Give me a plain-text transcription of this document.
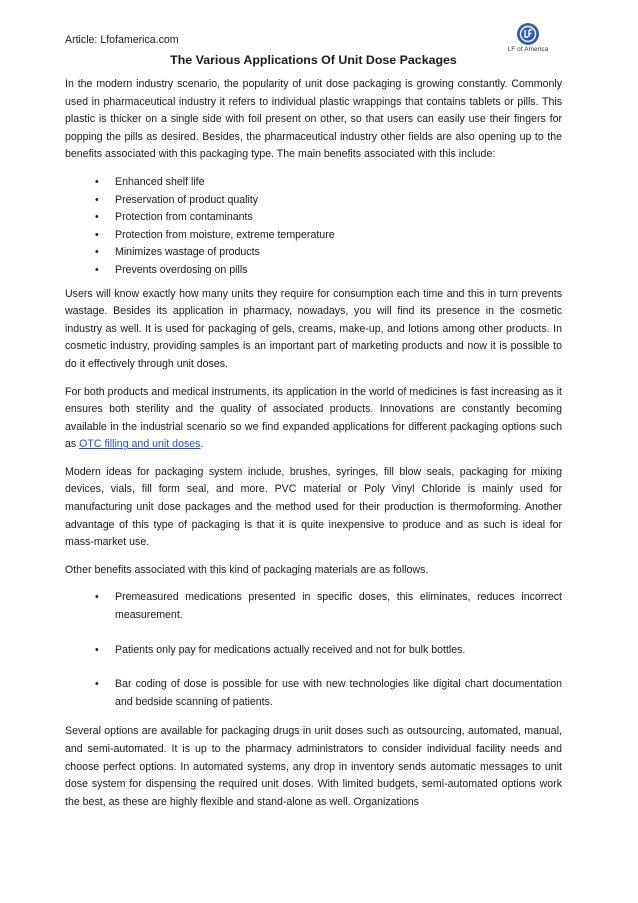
LF of America
Article: Lfofamerica.com
The Various Applications Of Unit Dose Packages

In the modern industry scenario, the popularity of unit dose packaging is growing constantly. Commonly used in pharmaceutical industry it refers to individual plastic wrappings that contains tablets or pills. This plastic is thicker on a single side with foil present on other, so that users can easily use their fingers for popping the pills as desired. Besides, the pharmaceutical industry other fields are also opening up to the benefits associated with this packaging type. The main benefits associated with this include:

• Enhanced shelf life
• Preservation of product quality
• Protection from contaminants
• Protection from moisture, extreme temperature
• Minimizes wastage of products
• Prevents overdosing on pills

Users will know exactly how many units they require for consumption each time and this in turn prevents wastage. Besides its application in pharmacy, nowadays, you will find its presence in the cosmetic industry as well. It is used for packaging of gels, creams, make-up, and lotions among other products. In cosmetic industry, providing samples is an important part of marketing products and now it is possible to do it effectively through unit doses.

For both products and medical instruments, its application in the world of medicines is fast increasing as it ensures both sterility and the quality of associated products. Innovations are constantly becoming available in the industrial scenario so we find expanded applications for different packaging options such as OTC filling and unit doses.

Modern ideas for packaging system include, brushes, syringes, fill blow seals, packaging for mixing devices, vials, fill form seal, and more. PVC material or Poly Vinyl Chloride is mainly used for manufacturing unit dose packages and the method used for their production is thermoforming. Another advantage of this type of packaging is that it is quite inexpensive to produce and as such is ideal for mass-market use.

Other benefits associated with this kind of packaging materials are as follows.

• Premeasured medications presented in specific doses, this eliminates, reduces incorrect measurement.
• Patients only pay for medications actually received and not for bulk bottles.
• Bar coding of dose is possible for use with new technologies like digital chart documentation and bedside scanning of patients.

Several options are available for packaging drugs in unit doses such as outsourcing, automated, manual, and semi-automated. It is up to the pharmacy administrators to consider individual facility needs and choose perfect options. In automated systems, any drop in inventory sends automatic messages to unit dose system for dispensing the required unit doses. With limited budgets, semi-automated options work the best, as these are highly flexible and stand-alone as well. Organizations
